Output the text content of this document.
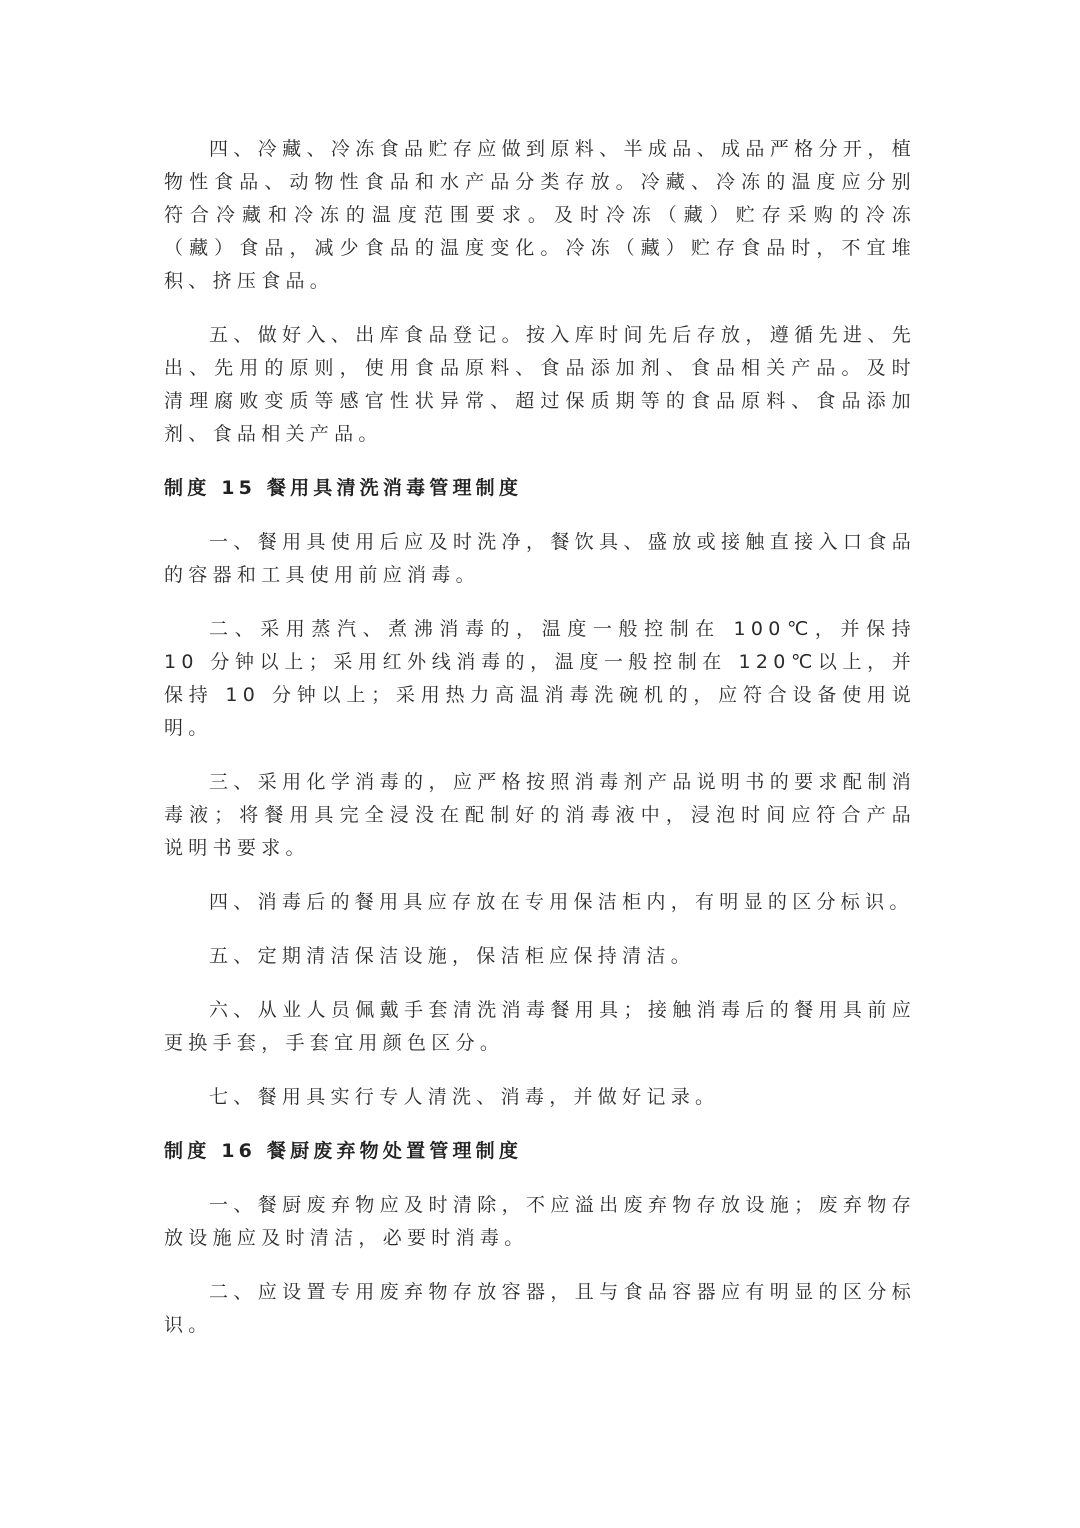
四、冷藏、冷冻食品贮存应做到原料、半成品、成品严格分开，植物性食品、动物性食品和水产品分类存放。冷藏、冷冻的温度应分别符合冷藏和冷冻的温度范围要求。及时冷冻（藏）贮存采购的冷冻（藏）食品，减少食品的温度变化。冷冻（藏）贮存食品时，不宜堆积、挤压食品。

五、做好入、出库食品登记。按入库时间先后存放，遵循先进、先出、先用的原则，使用食品原料、食品添加剂、食品相关产品。及时清理腐败变质等感官性状异常、超过保质期等的食品原料、食品添加剂、食品相关产品。

制度 15 餐用具清洗消毒管理制度

一、餐用具使用后应及时洗净，餐饮具、盛放或接触直接入口食品的容器和工具使用前应消毒。

二、采用蒸汽、煮沸消毒的，温度一般控制在 100℃，并保持 10 分钟以上；采用红外线消毒的，温度一般控制在 120℃以上，并保持 10 分钟以上；采用热力高温消毒洗碗机的，应符合设备使用说明。

三、采用化学消毒的，应严格按照消毒剂产品说明书的要求配制消毒液；将餐用具完全浸没在配制好的消毒液中，浸泡时间应符合产品说明书要求。

四、消毒后的餐用具应存放在专用保洁柜内，有明显的区分标识。

五、定期清洁保洁设施，保洁柜应保持清洁。

六、从业人员佩戴手套清洗消毒餐用具；接触消毒后的餐用具前应更换手套，手套宜用颜色区分。

七、餐用具实行专人清洗、消毒，并做好记录。

制度 16 餐厨废弃物处置管理制度

一、餐厨废弃物应及时清除，不应溢出废弃物存放设施；废弃物存放设施应及时清洁，必要时消毒。

二、应设置专用废弃物存放容器，且与食品容器应有明显的区分标识。
